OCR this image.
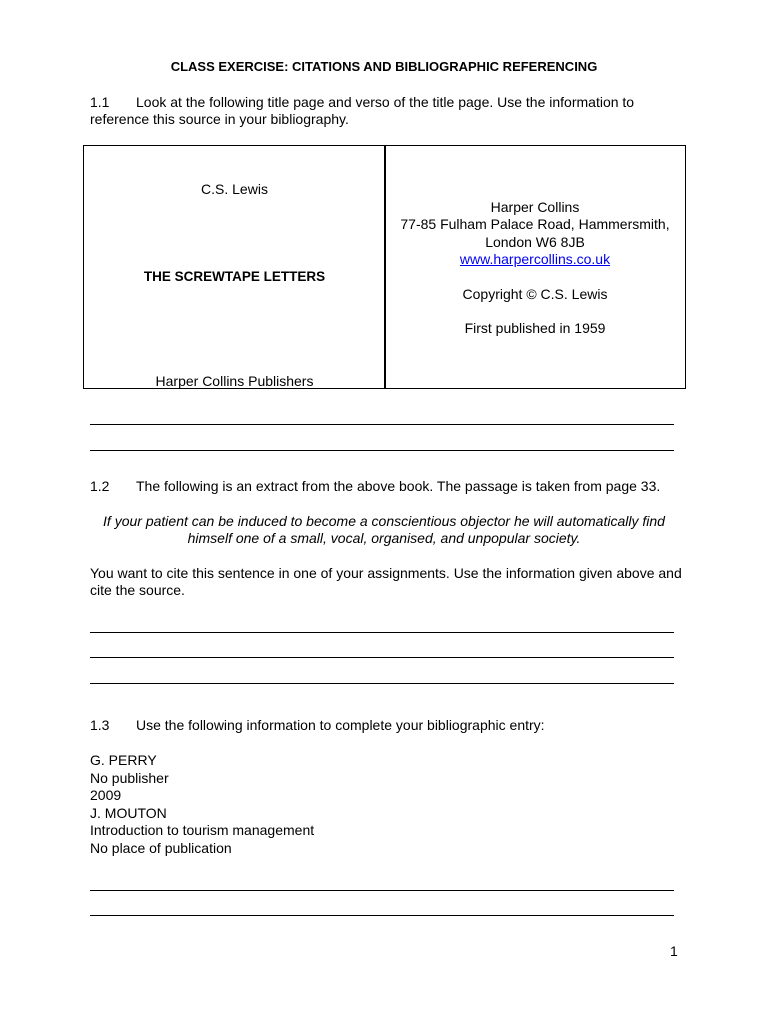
CLASS EXERCISE: CITATIONS AND BIBLIOGRAPHIC REFERENCING
1.1 Look at the following title page and verso of the title page. Use the information to
reference this source in your bibliography.
C.S. Lewis
THE SCREWTAPE LETTERS
Harper Collins Publishers
Harper Collins
77-85 Fulham Palace Road, Hammersmith,
London W6 8JB
www.harpercollins.co.uk
Copyright © C.S. Lewis
First published in 1959
1.2 The following is an extract from the above book. The passage is taken from page 33.
If your patient can be induced to become a conscientious objector he will automatically find
himself one of a small, vocal, organised, and unpopular society.
You want to cite this sentence in one of your assignments. Use the information given above and
cite the source.
1.3 Use the following information to complete your bibliographic entry:
G. PERRY
No publisher
2009
J. MOUTON
Introduction to tourism management
No place of publication
1
